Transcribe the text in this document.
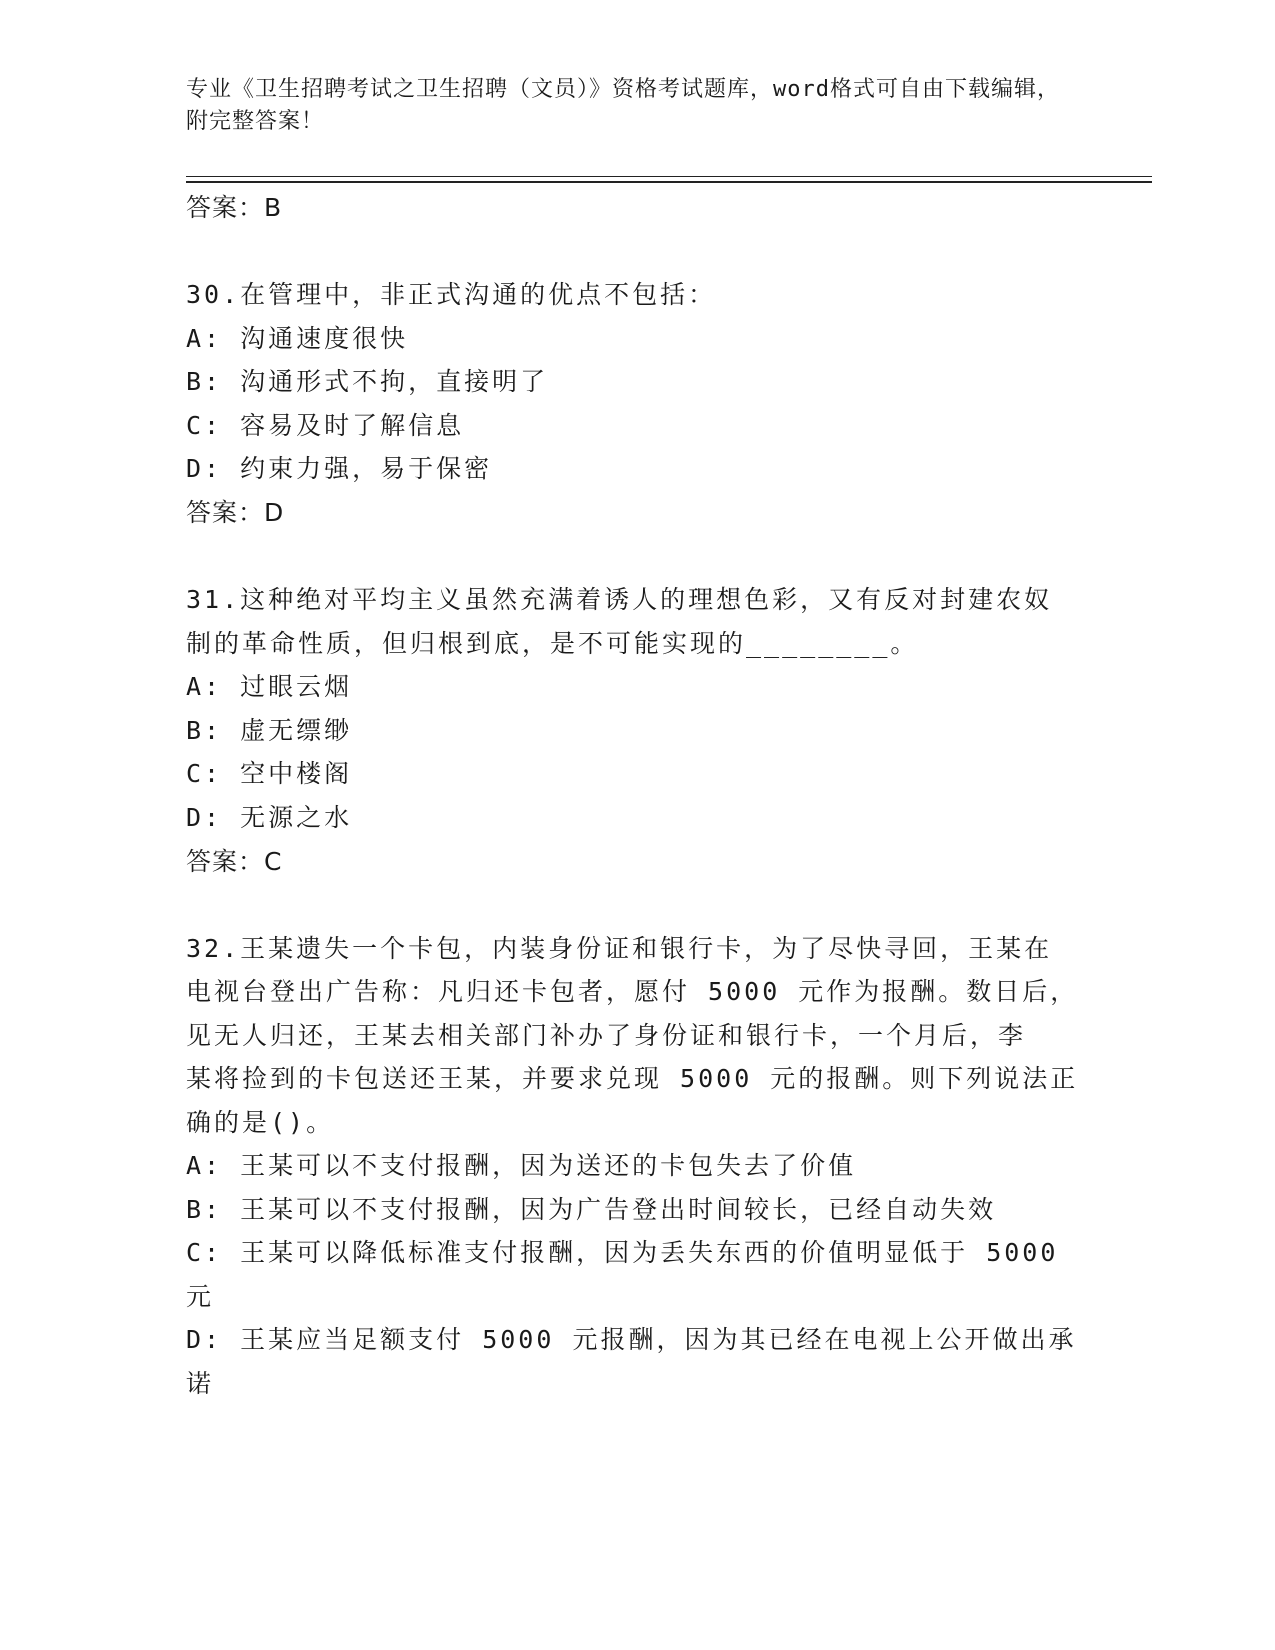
专业《卫生招聘考试之卫生招聘（文员）》资格考试题库，word格式可自由下载编辑，附完整答案！
答案：B
30.在管理中，非正式沟通的优点不包括：
A: 沟通速度很快
B: 沟通形式不拘，直接明了
C: 容易及时了解信息
D: 约束力强，易于保密
答案：D
31.这种绝对平均主义虽然充满着诱人的理想色彩，又有反对封建农奴
制的革命性质，但归根到底，是不可能实现的________。
A: 过眼云烟
B: 虚无缥缈
C: 空中楼阁
D: 无源之水
答案：C
32.王某遗失一个卡包，内装身份证和银行卡，为了尽快寻回，王某在
电视台登出广告称：凡归还卡包者，愿付 5000 元作为报酬。数日后，
见无人归还，王某去相关部门补办了身份证和银行卡，一个月后，李
某将捡到的卡包送还王某，并要求兑现 5000 元的报酬。则下列说法正
确的是()。
A: 王某可以不支付报酬，因为送还的卡包失去了价值
B: 王某可以不支付报酬，因为广告登出时间较长，已经自动失效
C: 王某可以降低标准支付报酬，因为丢失东西的价值明显低于 5000
元
D: 王某应当足额支付 5000 元报酬，因为其已经在电视上公开做出承
诺
